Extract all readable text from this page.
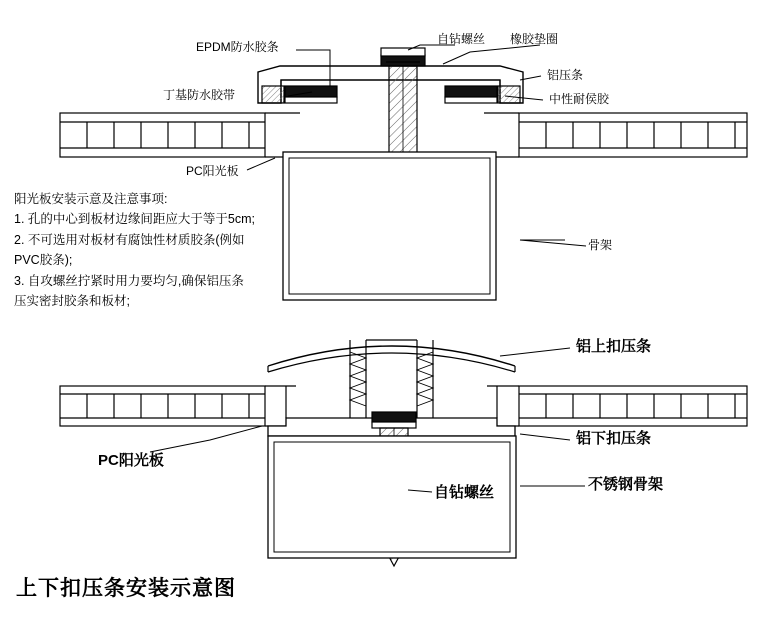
EPDM防水胶条
自钻螺丝 橡胶垫圈
丁基防水胶带
铝压条
中性耐侯胶
PC阳光板
骨架
阳光板安装示意及注意事项:
1. 孔的中心到板材边缘间距应大于等于5cm;
2. 不可选用对板材有腐蚀性材质胶条(例如
PVC胶条);
3. 自攻螺丝拧紧时用力要均匀,确保铝压条
压实密封胶条和板材;
铝上扣压条
铝下扣压条
PC阳光板
自钻螺丝	不锈钢骨架
上下扣压条安装示意图
